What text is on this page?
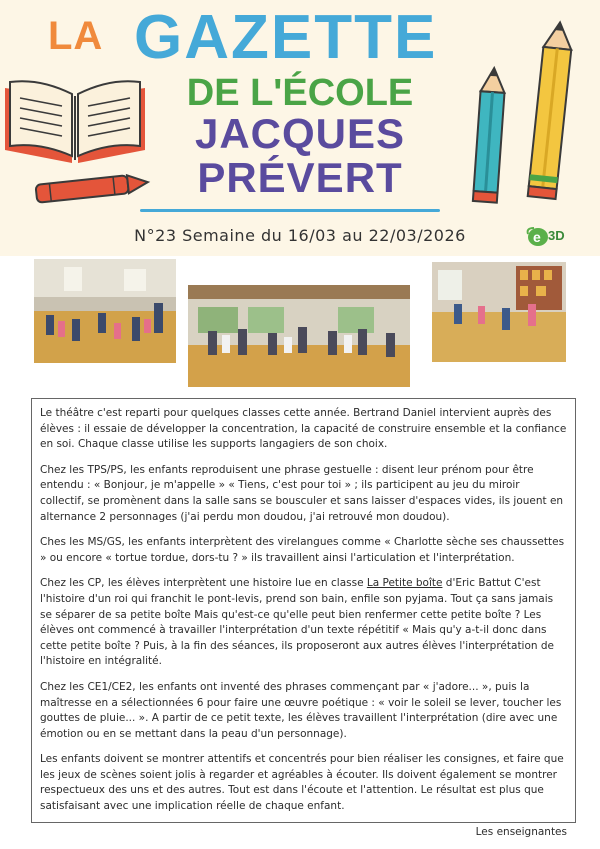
LA GAZETTE
DE L'ÉCOLE
JACQUES
PRÉVERT
N°23 Semaine du 16/03 au 22/03/2026	e 3D

Le théâtre c'est reparti pour quelques classes cette année. Bertrand Daniel intervient auprès des élèves : il essaie de développer la concentration, la capacité de construire ensemble et la confiance en soi. Chaque classe utilise les supports langagiers de son choix.

Chez les TPS/PS, les enfants reproduisent une phrase gestuelle : disent leur prénom pour être entendu : « Bonjour, je m'appelle » « Tiens, c'est pour toi » ; ils participent au jeu du miroir collectif, se promènent dans la salle sans se bousculer et sans laisser d'espaces vides, ils jouent en alternance 2 personnages (j'ai perdu mon doudou, j'ai retrouvé mon doudou).

Ches les MS/GS, les enfants interprètent des virelangues comme « Charlotte sèche ses chaussettes » ou encore « tortue tordue, dors-tu ? » ils travaillent ainsi l'articulation et l'interprétation.

Chez les CP, les élèves interprètent une histoire lue en classe La Petite boîte d'Eric Battut C'est l'histoire d'un roi qui franchit le pont-levis, prend son bain, enfile son pyjama. Tout ça sans jamais se séparer de sa petite boîte Mais qu'est-ce qu'elle peut bien renfermer cette petite boîte ? Les élèves ont commencé à travailler l'interprétation d'un texte répétitif « Mais qu'y a-t-il donc dans cette petite boîte ? Puis, à la fin des séances, ils proposeront aux autres élèves l'interprétation de l'histoire en intégralité.

Chez les CE1/CE2, les enfants ont inventé des phrases commençant par « j'adore... », puis la maîtresse en a sélectionnées 6 pour faire une œuvre poétique : « voir le soleil se lever, toucher les gouttes de pluie... ». A partir de ce petit texte, les élèves travaillent l'interprétation (dire avec une émotion ou en se mettant dans la peau d'un personnage).

Les enfants doivent se montrer attentifs et concentrés pour bien réaliser les consignes, et faire que les jeux de scènes soient jolis à regarder et agréables à écouter. Ils doivent également se montrer respectueux des uns et des autres. Tout est dans l'écoute et l'attention. Le résultat est plus que satisfaisant avec une implication réelle de chaque enfant.

Les enseignantes
